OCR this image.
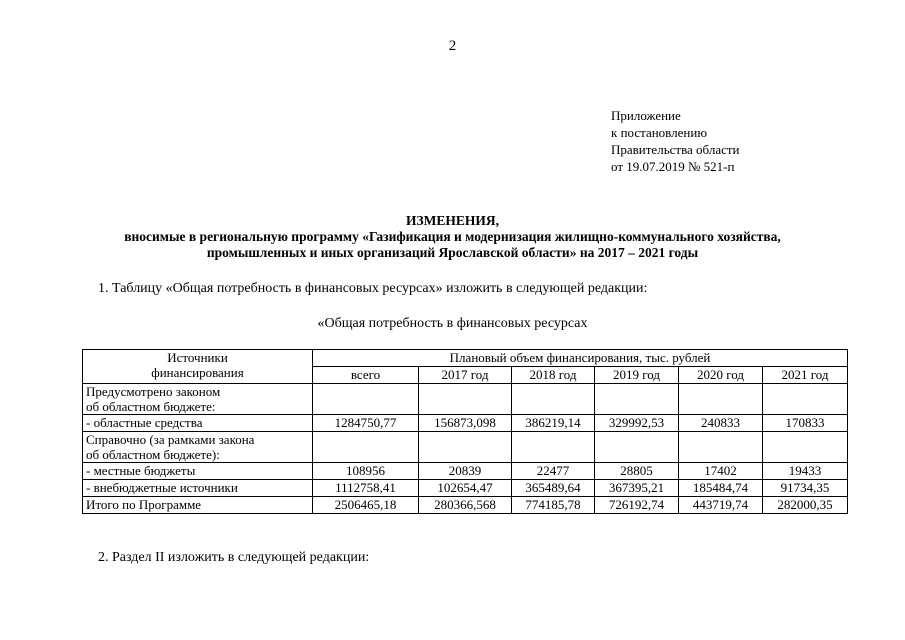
2
Приложение
к постановлению
Правительства области
от 19.07.2019 № 521-п
ИЗМЕНЕНИЯ,
вносимые в региональную программу «Газификация и модернизация жилищно-коммунального хозяйства,
промышленных и иных организаций Ярославской области» на 2017 – 2021 годы
1. Таблицу «Общая потребность в финансовых ресурсах» изложить в следующей редакции:
«Общая потребность в финансовых ресурсах
Источники
финансирования	Плановый объем финансирования, тыс. рублей					
	всего	2017 год	2018 год	2019 год	2020 год	2021 год

Предусмотрено законом
об областном бюджете:						

- областные средства	1284750,77	156873,098	386219,14	329992,53	240833	170833

Справочно (за рамками закона
об областном бюджете):						

- местные бюджеты	108956	20839	22477	28805	17402	19433
- внебюджетные источники	1112758,41	102654,47	365489,64	367395,21	185484,74	91734,35
Итого по Программе	2506465,18	280366,568	774185,78	726192,74	443719,74	282000,35
2. Раздел II изложить в следующей редакции:
